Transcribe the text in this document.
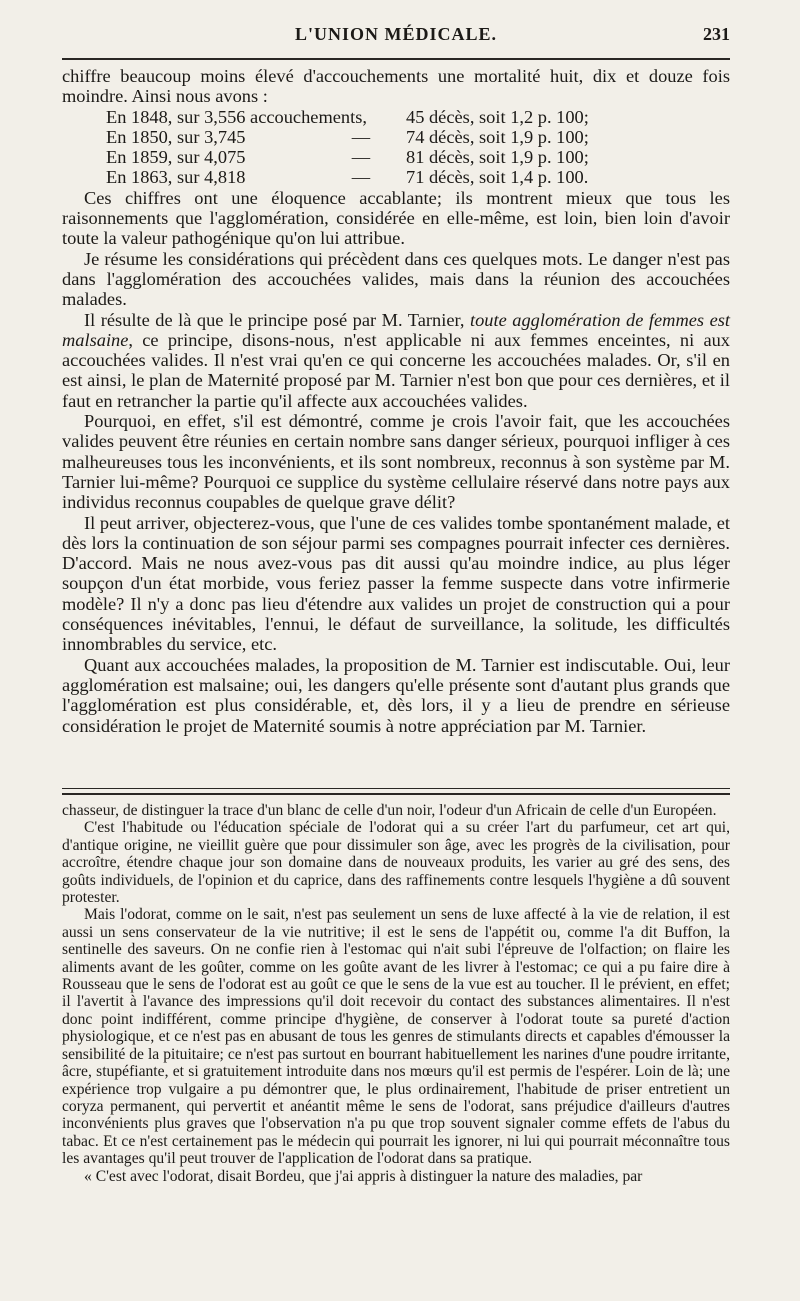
L'UNION MÉDICALE.	231

chiffre beaucoup moins élevé d'accouchements une mortalité huit, dix et douze fois moindre. Ainsi nous avons :

En 1848, sur 3,556 accouchements, 45 décès, soit 1,2 p. 100;
En 1850, sur 3,745	— 74 décès, soit 1,9 p. 100;
En 1859, sur 4,075	— 81 décès, soit 1,9 p. 100;
En 1863, sur 4,818	— 71 décès, soit 1,4 p. 100.

Ces chiffres ont une éloquence accablante; ils montrent mieux que tous les raisonnements que l'agglomération, considérée en elle-même, est loin, bien loin d'avoir toute la valeur pathogénique qu'on lui attribue.

Je résume les considérations qui précèdent dans ces quelques mots. Le danger n'est pas dans l'agglomération des accouchées valides, mais dans la réunion des accouchées malades.

Il résulte de là que le principe posé par M. Tarnier, toute agglomération de femmes est malsaine, ce principe, disons-nous, n'est applicable ni aux femmes enceintes, ni aux accouchées valides. Il n'est vrai qu'en ce qui concerne les accouchées malades. Or, s'il en est ainsi, le plan de Maternité proposé par M. Tarnier n'est bon que pour ces dernières, et il faut en retrancher la partie qu'il affecte aux accouchées valides.

Pourquoi, en effet, s'il est démontré, comme je crois l'avoir fait, que les accouchées valides peuvent être réunies en certain nombre sans danger sérieux, pourquoi infliger à ces malheureuses tous les inconvénients, et ils sont nombreux, reconnus à son système par M. Tarnier lui-même? Pourquoi ce supplice du système cellulaire réservé dans notre pays aux individus reconnus coupables de quelque grave délit?

Il peut arriver, objecterez-vous, que l'une de ces valides tombe spontanément malade, et dès lors la continuation de son séjour parmi ses compagnes pourrait infecter ces dernières. D'accord. Mais ne nous avez-vous pas dit aussi qu'au moindre indice, au plus léger soupçon d'un état morbide, vous feriez passer la femme suspecte dans votre infirmerie modèle? Il n'y a donc pas lieu d'étendre aux valides un projet de construction qui a pour conséquences inévitables, l'ennui, le défaut de surveillance, la solitude, les difficultés innombrables du service, etc.

Quant aux accouchées malades, la proposition de M. Tarnier est indiscutable. Oui, leur agglomération est malsaine; oui, les dangers qu'elle présente sont d'autant plus grands que l'agglomération est plus considérable, et, dès lors, il y a lieu de prendre en sérieuse considération le projet de Maternité soumis à notre appréciation par M. Tarnier.

chasseur, de distinguer la trace d'un blanc de celle d'un noir, l'odeur d'un Africain de celle d'un Européen.

C'est l'habitude ou l'éducation spéciale de l'odorat qui a su créer l'art du parfumeur, cet art qui, d'antique origine, ne vieillit guère que pour dissimuler son âge, avec les progrès de la civilisation, pour accroître, étendre chaque jour son domaine dans de nouveaux produits, les varier au gré des sens, des goûts individuels, de l'opinion et du caprice, dans des raffinements contre lesquels l'hygiène a dû souvent protester.

Mais l'odorat, comme on le sait, n'est pas seulement un sens de luxe affecté à la vie de relation, il est aussi un sens conservateur de la vie nutritive; il est le sens de l'appétit ou, comme l'a dit Buffon, la sentinelle des saveurs. On ne confie rien à l'estomac qui n'ait subi l'épreuve de l'olfaction; on flaire les aliments avant de les goûter, comme on les goûte avant de les livrer à l'estomac; ce qui a pu faire dire à Rousseau que le sens de l'odorat est au goût ce que le sens de la vue est au toucher. Il le prévient, en effet; il l'avertit à l'avance des impressions qu'il doit recevoir du contact des substances alimentaires. Il n'est donc point indifférent, comme principe d'hygiène, de conserver à l'odorat toute sa pureté d'action physiologique, et ce n'est pas en abusant de tous les genres de stimulants directs et capables d'émousser la sensibilité de la pituitaire; ce n'est pas surtout en bourrant habituellement les narines d'une poudre irritante, âcre, stupéfiante, et si gratuitement introduite dans nos mœurs qu'il est permis de l'espérer. Loin de là; une expérience trop vulgaire a pu démontrer que, le plus ordinairement, l'habitude de priser entretient un coryza permanent, qui pervertit et anéantit même le sens de l'odorat, sans préjudice d'ailleurs d'autres inconvénients plus graves que l'observation n'a pu que trop souvent signaler comme effets de l'abus du tabac. Et ce n'est certainement pas le médecin qui pourrait les ignorer, ni lui qui pourrait méconnaître tous les avantages qu'il peut trouver de l'application de l'odorat dans sa pratique.

« C'est avec l'odorat, disait Bordeu, que j'ai appris à distinguer la nature des maladies, par
